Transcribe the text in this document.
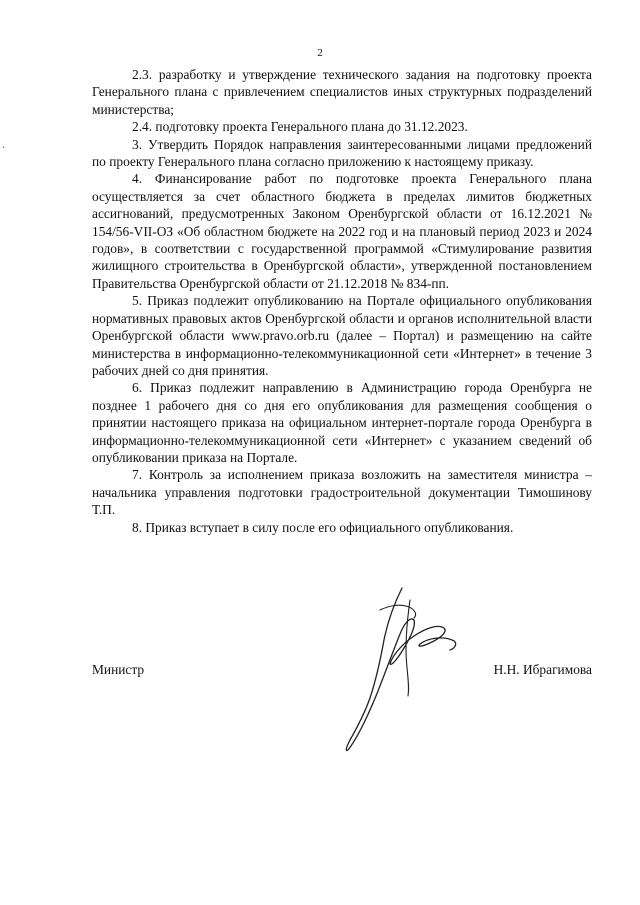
.
2

2.3. разработку и утверждение технического задания на подготовку проекта Генерального плана с привлечением специалистов иных структурных подразделений министерства;

2.4. подготовку проекта Генерального плана до 31.12.2023.

3. Утвердить Порядок направления заинтересованными лицами предложений по проекту Генерального плана согласно приложению к настоящему приказу.

4. Финансирование работ по подготовке проекта Генерального плана осуществляется за счет областного бюджета в пределах лимитов бюджетных ассигнований, предусмотренных Законом Оренбургской области от 16.12.2021 № 154/56-VII-ОЗ «Об областном бюджете на 2022 год и на плановый период 2023 и 2024 годов», в соответствии с государственной программой «Стимулирование развития жилищного строительства в Оренбургской области», утвержденной постановлением Правительства Оренбургской области от 21.12.2018 № 834-пп.

5. Приказ подлежит опубликованию на Портале официального опубликования нормативных правовых актов Оренбургской области и органов исполнительной власти Оренбургской области www.pravo.orb.ru (далее – Портал) и размещению на сайте министерства в информационно-телекоммуникационной сети «Интернет» в течение 3 рабочих дней со дня принятия.

6. Приказ подлежит направлению в Администрацию города Оренбурга не позднее 1 рабочего дня со дня его опубликования для размещения сообщения о принятии настоящего приказа на официальном интернет-портале города Оренбурга в информационно-телекоммуникационной сети «Интернет» с указанием сведений об опубликовании приказа на Портале.

7. Контроль за исполнением приказа возложить на заместителя министра – начальника управления подготовки градостроительной документации Тимошинову Т.П.

8. Приказ вступает в силу после его официального опубликования.

Министр	Н.Н. Ибрагимова
